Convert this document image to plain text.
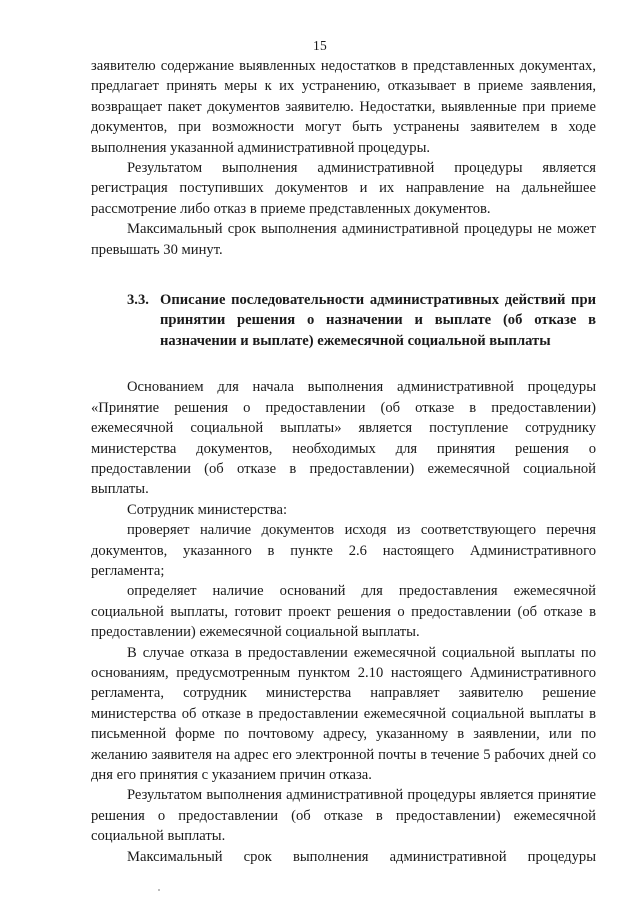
15

заявителю содержание выявленных недостатков в представленных документах, предлагает принять меры к их устранению, отказывает в приеме заявления, возвращает пакет документов заявителю. Недостатки, выявленные при приеме документов, при возможности могут быть устранены заявителем в ходе выполнения указанной административной процедуры.

Результатом выполнения административной процедуры является регистрация поступивших документов и их направление на дальнейшее рассмотрение либо отказ в приеме представленных документов.

Максимальный срок выполнения административной процедуры не может превышать 30 минут.

3.3. Описание последовательности административных действий при принятии решения о назначении и выплате (об отказе в назначении и выплате) ежемесячной социальной выплаты

Основанием для начала выполнения административной процедуры «Принятие решения о предоставлении (об отказе в предоставлении) ежемесячной социальной выплаты» является поступление сотруднику министерства документов, необходимых для принятия решения о предоставлении (об отказе в предоставлении) ежемесячной социальной выплаты.

Сотрудник министерства:

проверяет наличие документов исходя из соответствующего перечня документов, указанного в пункте 2.6 настоящего Административного регламента;

определяет наличие оснований для предоставления ежемесячной социальной выплаты, готовит проект решения о предоставлении (об отказе в предоставлении) ежемесячной социальной выплаты.

В случае отказа в предоставлении ежемесячной социальной выплаты по основаниям, предусмотренным пунктом 2.10 настоящего Административного регламента, сотрудник министерства направляет заявителю решение министерства об отказе в предоставлении ежемесячной социальной выплаты в письменной форме по почтовому адресу, указанному в заявлении, или по желанию заявителя на адрес его электронной почты в течение 5 рабочих дней со дня его принятия с указанием причин отказа.

Результатом выполнения административной процедуры является принятие решения о предоставлении (об отказе в предоставлении) ежемесячной социальной выплаты.

Максимальный срок выполнения административной процедуры
